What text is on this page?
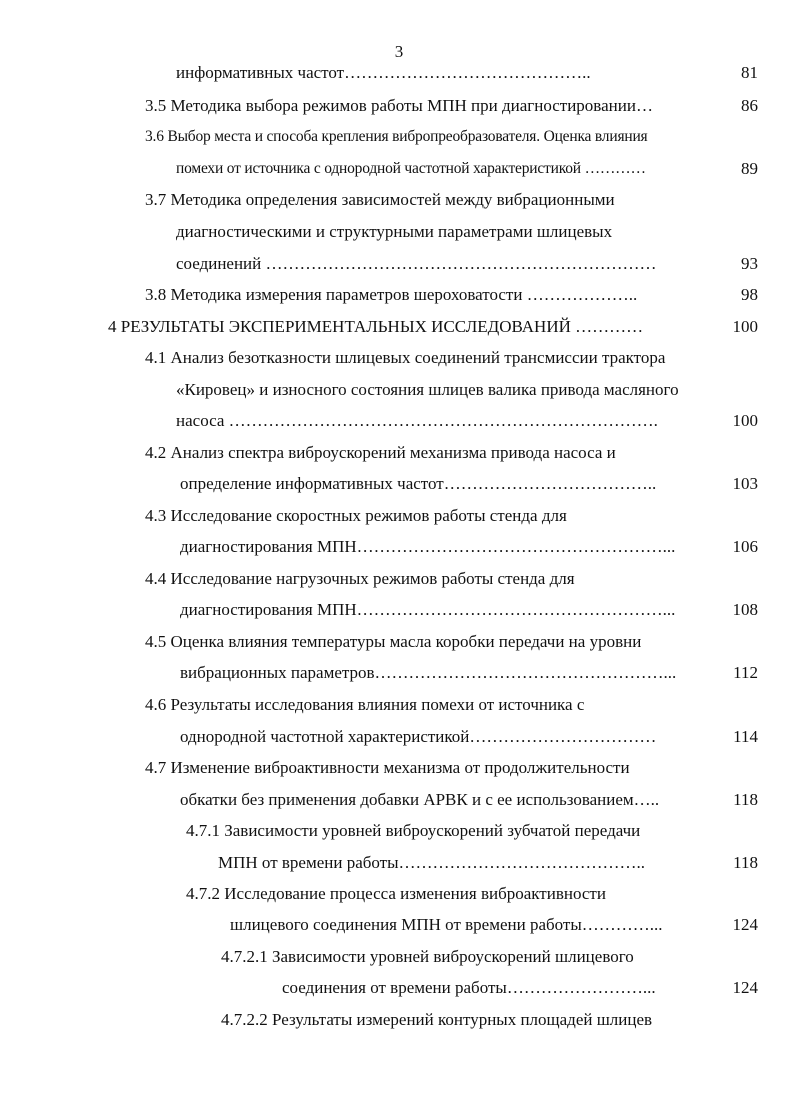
3
информативных частот……………………………………..	81
3.5 Методика выбора режимов работы МПН при диагностировании…	86
3.6 Выбор места и способа крепления вибропреобразователя. Оценка влияния
помехи от источника с однородной частотной характеристикой …………	89
3.7 Методика определения зависимостей между вибрационными
диагностическими и структурными параметрами шлицевых
соединений ……………………………………………………………	93
3.8 Методика измерения параметров шероховатости ………………..	98
4 РЕЗУЛЬТАТЫ ЭКСПЕРИМЕНТАЛЬНЫХ ИССЛЕДОВАНИЙ …………	100
4.1 Анализ безотказности шлицевых соединений трансмиссии трактора
«Кировец» и износного состояния шлицев валика привода масляного
насоса ………………………………………………………………….	100
4.2 Анализ спектра виброускорений механизма привода насоса и
определение информативных частот………………………………..	103
4.3 Исследование скоростных режимов работы стенда для
диагностирования МПН………………………………………………...	106
4.4 Исследование нагрузочных режимов работы стенда для
диагностирования МПН………………………………………………...	108
4.5 Оценка влияния температуры масла коробки передачи на уровни
вибрационных параметров……………………………………………...	112
4.6 Результаты исследования влияния помехи от источника с
однородной частотной характеристикой……………………………	114
4.7 Изменение виброактивности механизма от продолжительности
обкатки без применения добавки АРВК и с ее использованием…..	118
4.7.1 Зависимости уровней виброускорений зубчатой передачи
МПН от времени работы……………………………………..	118
4.7.2 Исследование процесса изменения виброактивности
шлицевого соединения МПН от времени работы…………...	124
4.7.2.1 Зависимости уровней виброускорений шлицевого
соединения от времени работы……………………...	124
4.7.2.2 Результаты измерений контурных площадей шлицев
